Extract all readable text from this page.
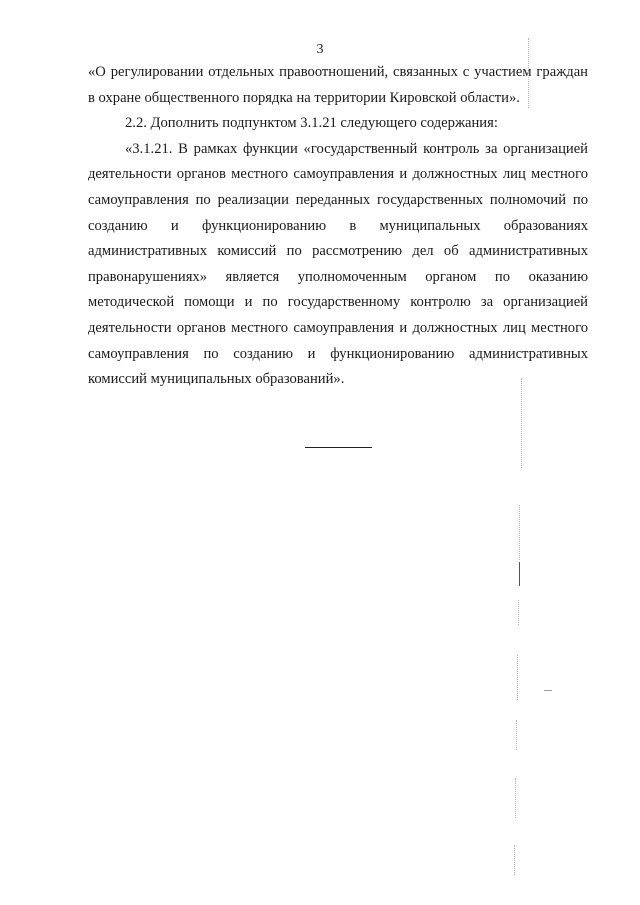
3

«О регулировании отдельных правоотношений, связанных с участием граждан

в охране общественного порядка на территории Кировской области».

2.2. Дополнить подпунктом 3.1.21 следующего содержания:

«3.1.21. В рамках функции «государственный контроль за организацией деятельности органов местного самоуправления и должностных лиц местного самоуправления по реализации переданных государственных полномочий по созданию и функционированию в муниципальных образованиях административных комиссий по рассмотрению дел об административных правонарушениях» является уполномоченным органом по оказанию методической помощи и по государственному контролю за организацией деятельности органов местного самоуправления и должностных лиц местного самоуправления по созданию и функционированию административных комиссий муниципальных образований».
